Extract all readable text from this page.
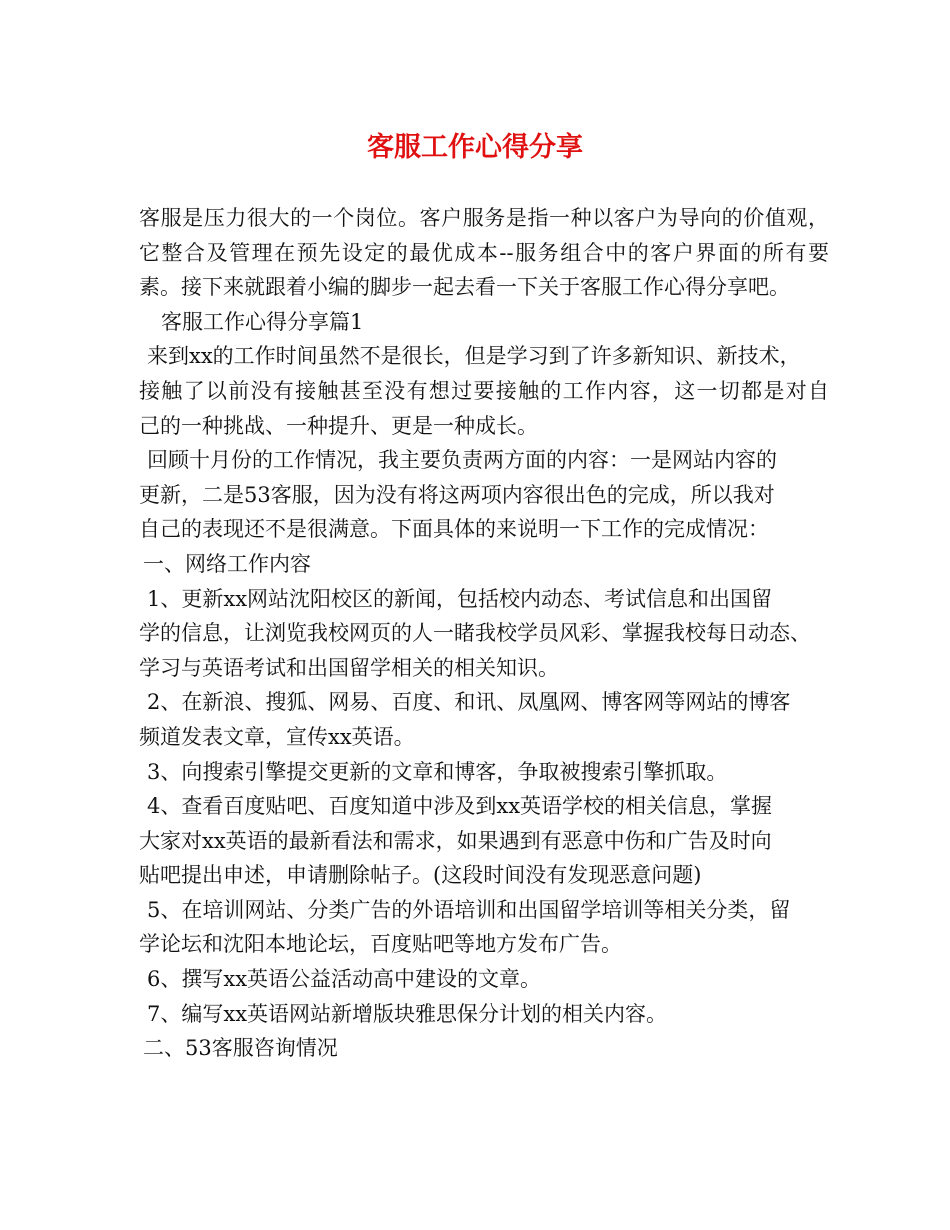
客服工作心得分享
客服是压力很大的一个岗位。客户服务是指一种以客户为导向的价值观，
它整合及管理在预先设定的最优成本--服务组合中的客户界面的所有要
素。接下来就跟着小编的脚步一起去看一下关于客服工作心得分享吧。
客服工作心得分享篇1
来到xx的工作时间虽然不是很长，但是学习到了许多新知识、新技术，
接触了以前没有接触甚至没有想过要接触的工作内容，这一切都是对自
己的一种挑战、一种提升、更是一种成长。
回顾十月份的工作情况，我主要负责两方面的内容：一是网站内容的
更新，二是53客服，因为没有将这两项内容很出色的完成，所以我对
自己的表现还不是很满意。下面具体的来说明一下工作的完成情况：
一、网络工作内容
1、更新xx网站沈阳校区的新闻，包括校内动态、考试信息和出国留
学的信息，让浏览我校网页的人一睹我校学员风彩、掌握我校每日动态、
学习与英语考试和出国留学相关的相关知识。
2、在新浪、搜狐、网易、百度、和讯、凤凰网、博客网等网站的博客
频道发表文章，宣传xx英语。
3、向搜索引擎提交更新的文章和博客，争取被搜索引擎抓取。
4、查看百度贴吧、百度知道中涉及到xx英语学校的相关信息，掌握
大家对xx英语的最新看法和需求，如果遇到有恶意中伤和广告及时向
贴吧提出申述，申请删除帖子。(这段时间没有发现恶意问题)
5、在培训网站、分类广告的外语培训和出国留学培训等相关分类，留
学论坛和沈阳本地论坛，百度贴吧等地方发布广告。
6、撰写xx英语公益活动高中建设的文章。
7、编写xx英语网站新增版块雅思保分计划的相关内容。
二、53客服咨询情况
